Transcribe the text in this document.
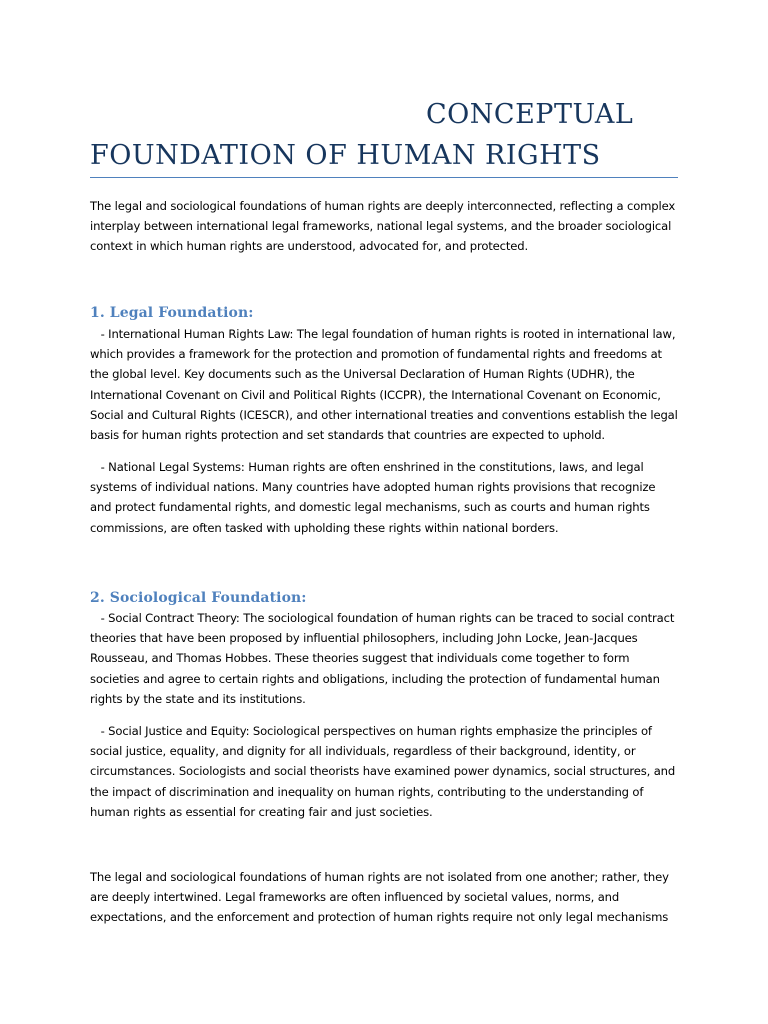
CONCEPTUAL
FOUNDATION OF HUMAN RIGHTS

The legal and sociological foundations of human rights are deeply interconnected, reflecting a complex interplay between international legal frameworks, national legal systems, and the broader sociological context in which human rights are understood, advocated for, and protected.

1. Legal Foundation:

- International Human Rights Law: The legal foundation of human rights is rooted in international law, which provides a framework for the protection and promotion of fundamental rights and freedoms at the global level. Key documents such as the Universal Declaration of Human Rights (UDHR), the International Covenant on Civil and Political Rights (ICCPR), the International Covenant on Economic, Social and Cultural Rights (ICESCR), and other international treaties and conventions establish the legal basis for human rights protection and set standards that countries are expected to uphold.

- National Legal Systems: Human rights are often enshrined in the constitutions, laws, and legal systems of individual nations. Many countries have adopted human rights provisions that recognize and protect fundamental rights, and domestic legal mechanisms, such as courts and human rights commissions, are often tasked with upholding these rights within national borders.

2. Sociological Foundation:

- Social Contract Theory: The sociological foundation of human rights can be traced to social contract theories that have been proposed by influential philosophers, including John Locke, Jean-Jacques Rousseau, and Thomas Hobbes. These theories suggest that individuals come together to form societies and agree to certain rights and obligations, including the protection of fundamental human rights by the state and its institutions.

- Social Justice and Equity: Sociological perspectives on human rights emphasize the principles of social justice, equality, and dignity for all individuals, regardless of their background, identity, or circumstances. Sociologists and social theorists have examined power dynamics, social structures, and the impact of discrimination and inequality on human rights, contributing to the understanding of human rights as essential for creating fair and just societies.

The legal and sociological foundations of human rights are not isolated from one another; rather, they are deeply intertwined. Legal frameworks are often influenced by societal values, norms, and expectations, and the enforcement and protection of human rights require not only legal mechanisms
